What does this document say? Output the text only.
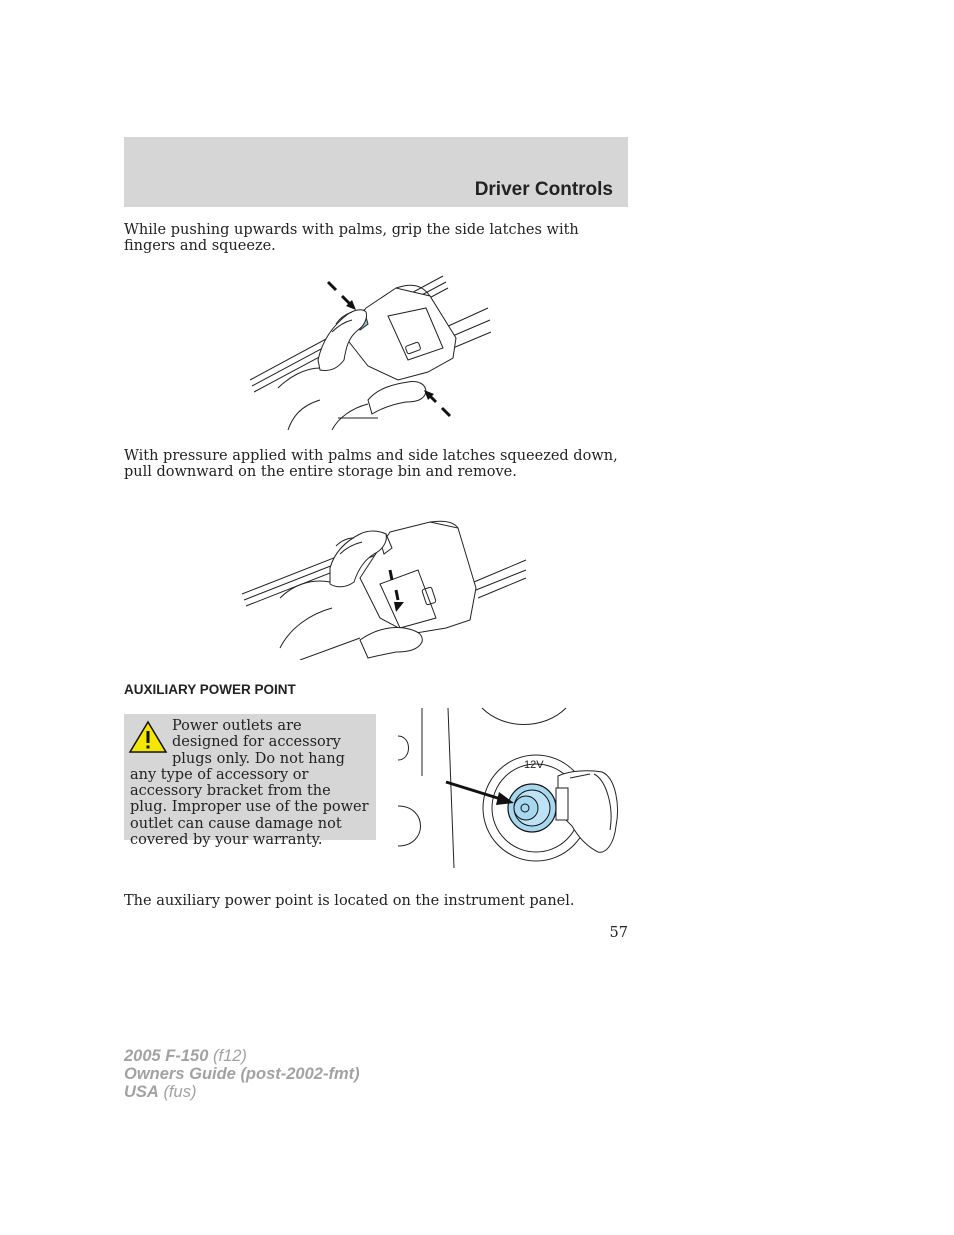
Driver Controls

While pushing upwards with palms, grip the side latches with fingers and squeeze.

With pressure applied with palms and side latches squeezed down, pull downward on the entire storage bin and remove.

AUXILIARY POWER POINT

Power outlets are designed for accessory plugs only. Do not hang any type of accessory or accessory bracket from the plug. Improper use of the power outlet can cause damage not covered by your warranty.

12V

The auxiliary power point is located on the instrument panel.

57
2005 F-150 (f12)
Owners Guide (post-2002-fmt)
USA (fus)
